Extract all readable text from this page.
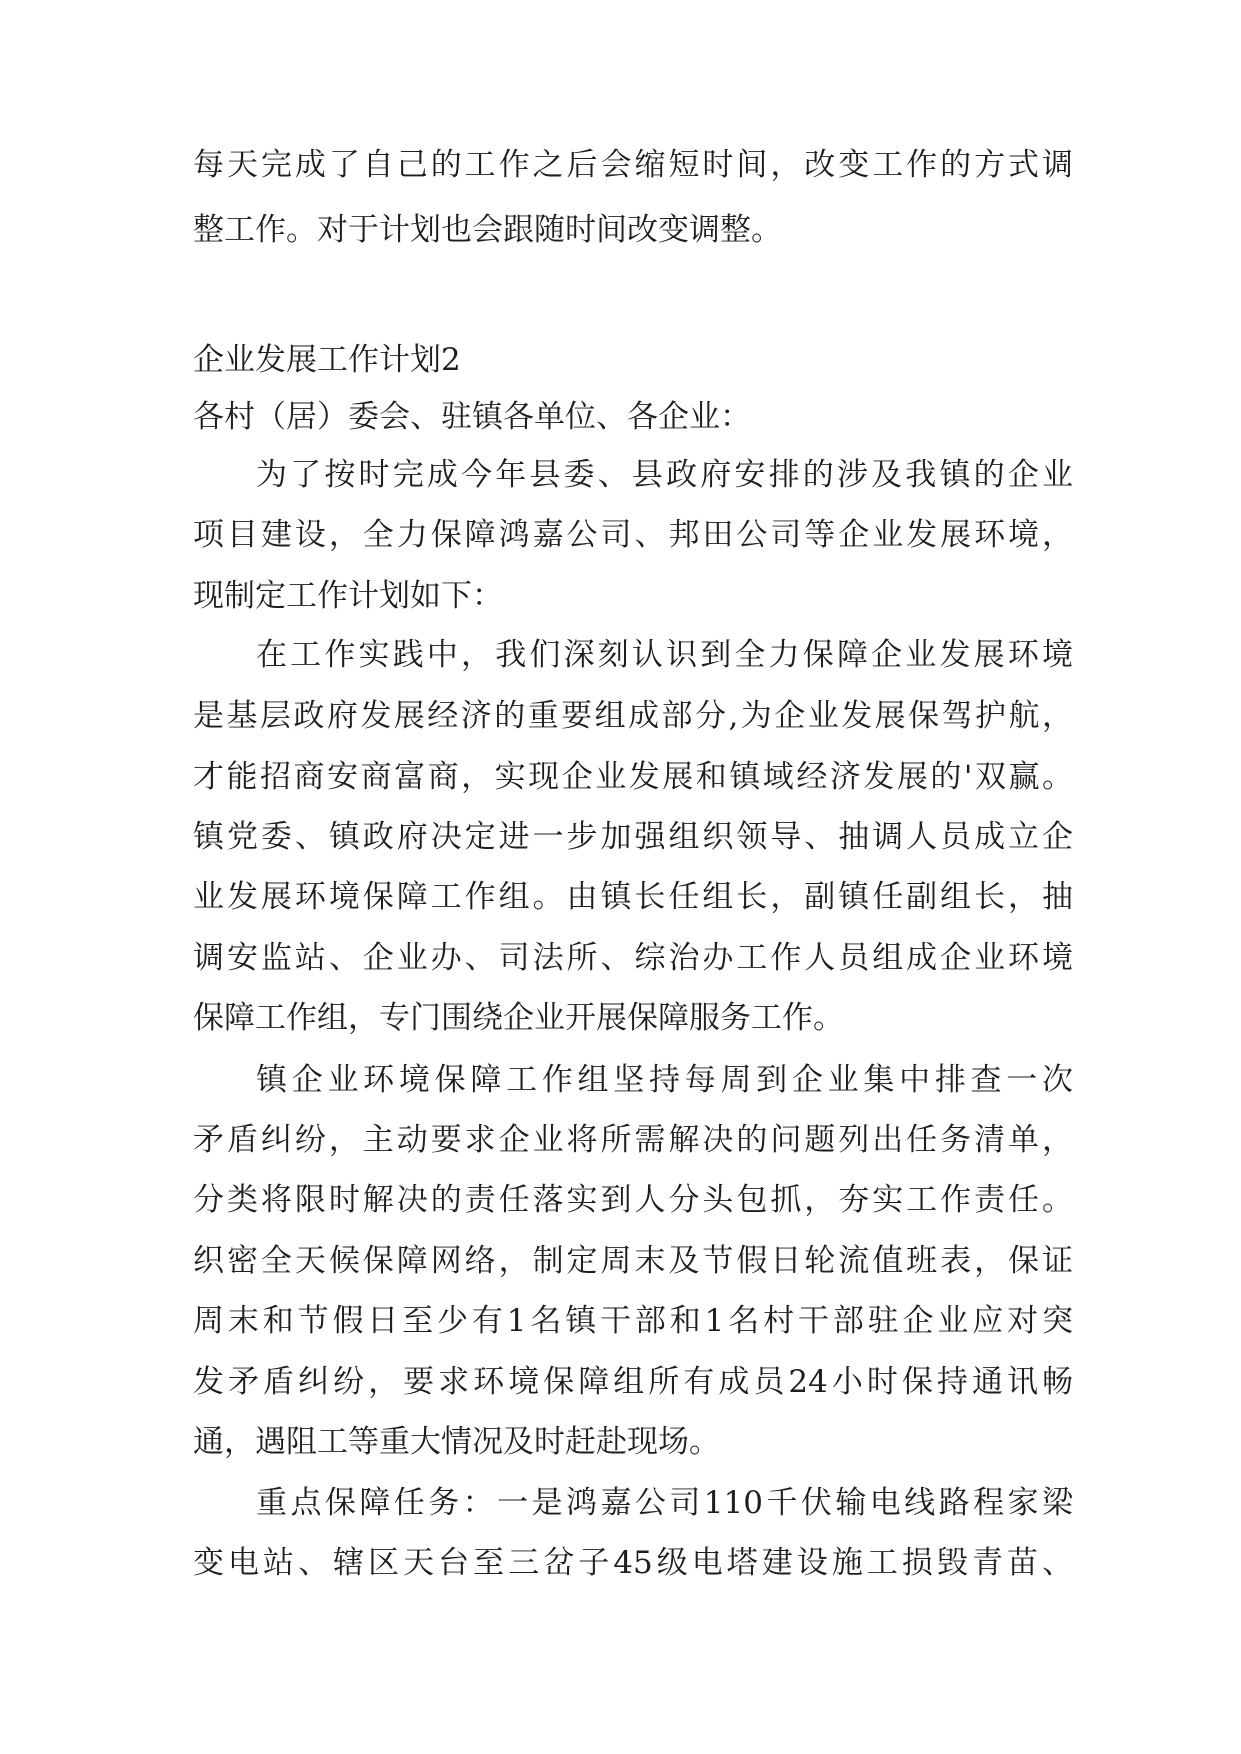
每天完成了自己的工作之后会缩短时间，改变工作的方式调
整工作。对于计划也会跟随时间改变调整。
企业发展工作计划2
各村（居）委会、驻镇各单位、各企业：
为了按时完成今年县委、县政府安排的涉及我镇的企业
项目建设，全力保障鸿嘉公司、邦田公司等企业发展环境，
现制定工作计划如下：
在工作实践中，我们深刻认识到全力保障企业发展环境
是基层政府发展经济的重要组成部分,为企业发展保驾护航，
才能招商安商富商，实现企业发展和镇域经济发展的'双赢。
镇党委、镇政府决定进一步加强组织领导、抽调人员成立企
业发展环境保障工作组。由镇长任组长，副镇任副组长，抽
调安监站、企业办、司法所、综治办工作人员组成企业环境
保障工作组，专门围绕企业开展保障服务工作。
镇企业环境保障工作组坚持每周到企业集中排查一次
矛盾纠纷，主动要求企业将所需解决的问题列出任务清单，
分类将限时解决的责任落实到人分头包抓，夯实工作责任。
织密全天候保障网络，制定周末及节假日轮流值班表，保证
周末和节假日至少有1名镇干部和1名村干部驻企业应对突
发矛盾纠纷，要求环境保障组所有成员24小时保持通讯畅
通，遇阻工等重大情况及时赶赴现场。
重点保障任务：一是鸿嘉公司110千伏输电线路程家梁
变电站、辖区天台至三岔子45级电塔建设施工损毁青苗、
